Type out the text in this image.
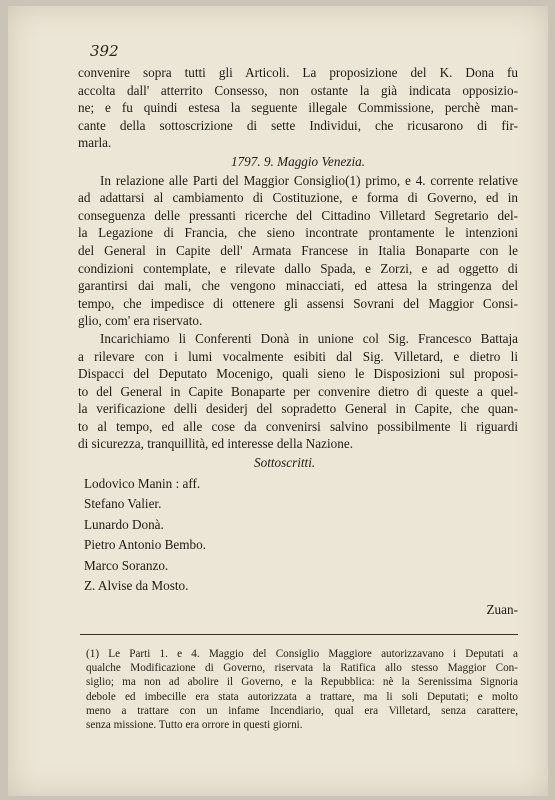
392
convenire sopra tutti gli Articoli. La proposizione del K. Dona fu
accolta dall' atterrito Consesso, non ostante la già indicata opposizio-
ne; e fu quindi estesa la seguente illegale Commissione, perchè man-
cante della sottoscrizione di sette Individui, che ricusarono di fir-
marla.
1797. 9. Maggio Venezia.
In relazione alle Parti del Maggior Consiglio(1) primo, e 4. corrente relative
ad adattarsi al cambiamento di Costituzione, e forma di Governo, ed in
conseguenza delle pressanti ricerche del Cittadino Villetard Segretario del-
la Legazione di Francia, che sieno incontrate prontamente le intenzioni
del General in Capite dell' Armata Francese in Italia Bonaparte con le
condizioni contemplate, e rilevate dallo Spada, e Zorzi, e ad oggetto di
garantirsi dai mali, che vengono minacciati, ed attesa la stringenza del
tempo, che impedisce di ottenere gli assensi Sovrani del Maggior Consi-
glio, com' era riservato.
Incarichiamo li Conferenti Donà in unione col Sig. Francesco Battaja
a rilevare con i lumi vocalmente esibiti dal Sig. Villetard, e dietro li
Dispacci del Deputato Mocenigo, quali sieno le Disposizioni sul proposi-
to del General in Capite Bonaparte per convenire dietro di queste a quel-
la verificazione delli desiderj del sopradetto General in Capite, che quan-
to al tempo, ed alle cose da convenirsi salvino possibilmente li riguardi
di sicurezza, tranquillità, ed interesse della Nazione.
Sottoscritti.
Lodovico Manin : aff.
Stefano Valier.
Lunardo Donà.
Pietro Antonio Bembo.
Marco Soranzo.
Z. Alvise da Mosto.
Zuan-
(1) Le Parti 1. e 4. Maggio del Consiglio Maggiore autorizzavano i Deputati a
qualche Modificazione di Governo, riservata la Ratifica allo stesso Maggior Con-
siglio; ma non ad abolire il Governo, e la Repubblica: nè la Serenissima Signoria
debole ed imbecille era stata autorizzata a trattare, ma li soli Deputati; e molto
meno a trattare con un infame Incendiario, qual era Villetard, senza carattere,
senza missione. Tutto era orrore in questi giorni.
